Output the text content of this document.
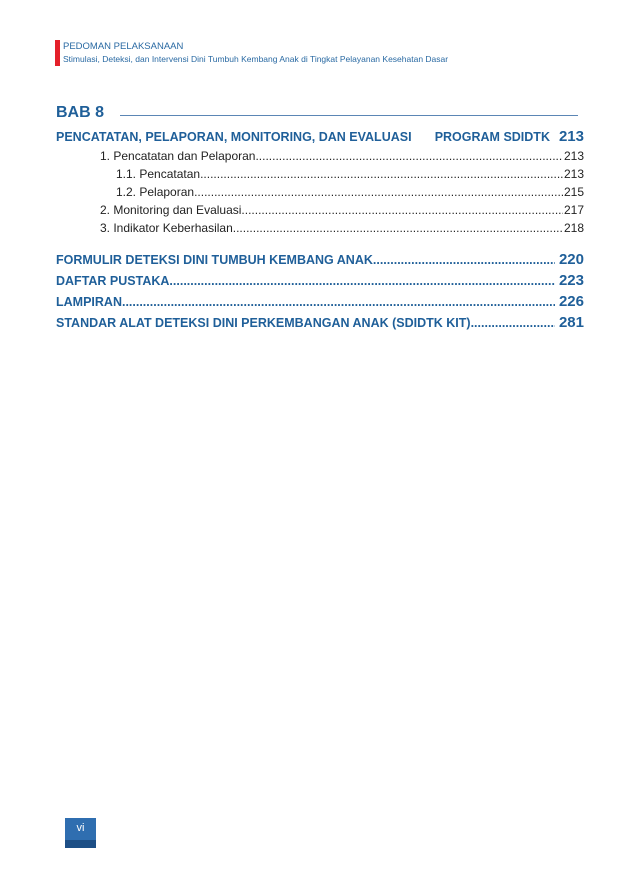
PEDOMAN PELAKSANAAN
Stimulasi, Deteksi, dan Intervensi Dini Tumbuh Kembang Anak di Tingkat Pelayanan Kesehatan Dasar
BAB 8
PENCATATAN, PELAPORAN, MONITORING, DAN EVALUASI PROGRAM SDIDTK 213
1. Pencatatan dan Pelaporan .....	213
1.1. Pencatatan .....	213
1.2. Pelaporan .....	215
2. Monitoring dan Evaluasi .....	217
3. Indikator Keberhasilan .....	218
FORMULIR DETEKSI DINI TUMBUH KEMBANG ANAK .....	220
DAFTAR PUSTAKA .....	223
LAMPIRAN .....	226
STANDAR ALAT DETEKSI DINI PERKEMBANGAN ANAK (SDIDTK KIT) .....	281
vi
